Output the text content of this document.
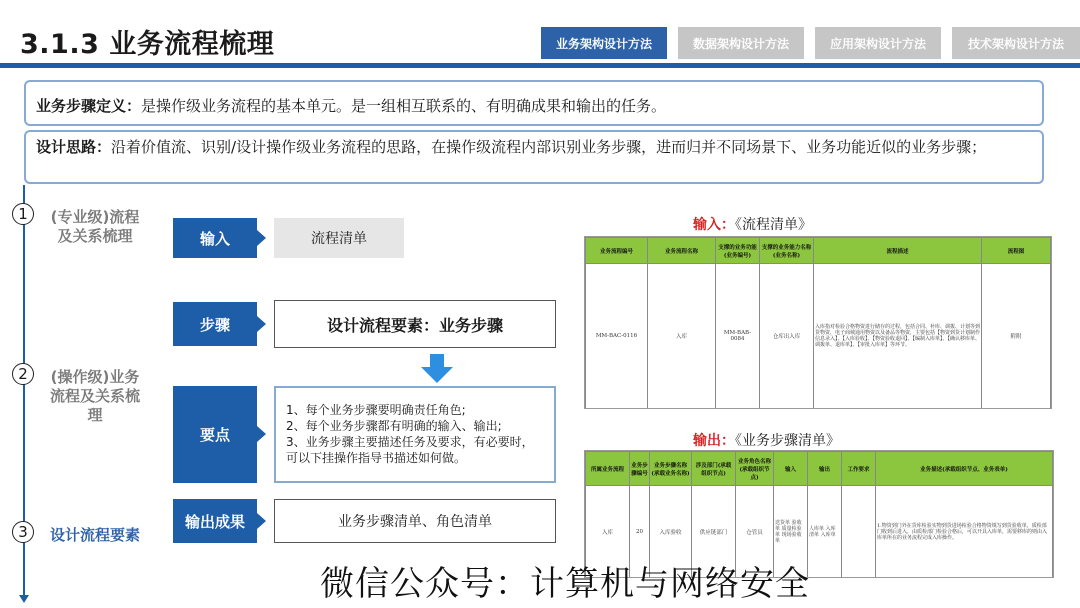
3.1.3 业务流程梳理	业务架构设计方法	数据架构设计方法	应用架构设计方法	技术架构设计方法
业务步骤定义：是操作级业务流程的基本单元。是一组相互联系的、有明确成果和输出的任务。
设计思路：沿着价值流、识别/设计操作级业务流程的思路，在操作级流程内部识别业务步骤，进而归并不同场景下、业务功能近似的业务步骤；
1	(专业级)流程及关系梳理
2	(操作级)业务流程及关系梳理
3	设计流程要素
输入	流程清单
步骤	设计流程要素：业务步骤
要点
1、每个业务步骤要明确责任角色;
2、每个业务步骤都有明确的输入、输出;
3、业务步骤主要描述任务及要求，有必要时，可以下挂操作指导书描述如何做。
输出成果	业务步骤清单、角色清单
输入：《流程清单》
业务流程编号	业务流程名称	支撑的业务功能(业务编号)	支撑的业务能力名称(业务名称)	流程描述	流程图
MM-BAC-0116	入库	MM-BAB-0084	仓库出入库	入库指对检验合格物资进行储存的过程，包括合同、补库、调拨、计划等到货物资，电子商城通用物资以及备品等物资，主要包括【物资到货计划制作信息录入】、【入库验收】、【物资验收退回】、【编制入库单】、【确认移库单、调拨单、退库单】、【审批入库单】等环节。	附附
输出：《业务步骤清单》
所属业务流程	业务步骤编号	业务步骤名称(承载业务名称)	涉及部门(承载组织节点)	业务角色名称(承载组织节点)	输入	输出	工作要求	业务描述(承载组织节点、业务表单)
入库	20	入库验收	供应链部门	仓管员	送货单 验收单 质量检验单 现场验收单	人库单 入库清单 入库单		1.物资到门外在货库检验实物到货进场检验合格物资填写到货验收单，质检部门收到后进入，由质检部门检验合格后，可以开具入库单，需要移库的则由入库单所在的业务流程完成入库操作。
微信公众号：计算机与网络安全
